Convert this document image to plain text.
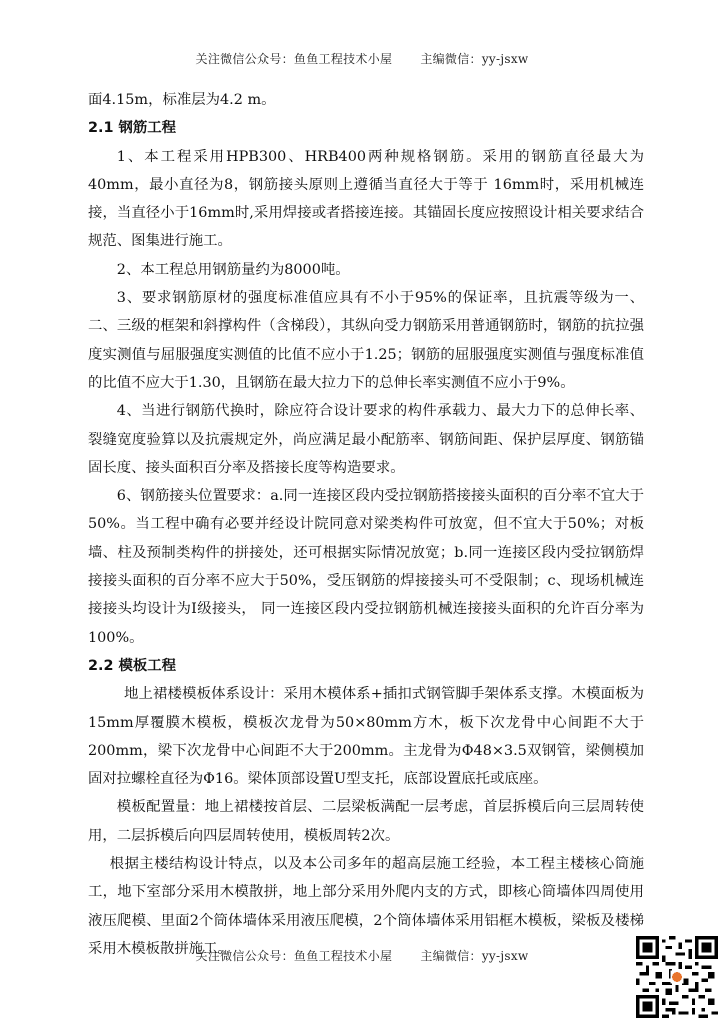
关注微信公众号：鱼鱼工程技术小屋 主编微信：yy-jsxw

面4.15m，标准层为4.2 m。

2.1 钢筋工程

1、本工程采用HPB300、HRB400两种规格钢筋。采用的钢筋直径最大为40mm，最小直径为8，钢筋接头原则上遵循当直径大于等于 16mm时，采用机械连接，当直径小于16mm时,采用焊接或者搭接连接。其锚固长度应按照设计相关要求结合规范、图集进行施工。

2、本工程总用钢筋量约为8000吨。

3、要求钢筋原材的强度标准值应具有不小于95%的保证率，且抗震等级为一、二、三级的框架和斜撑构件（含梯段），其纵向受力钢筋采用普通钢筋时，钢筋的抗拉强度实测值与屈服强度实测值的比值不应小于1.25；钢筋的屈服强度实测值与强度标准值的比值不应大于1.30，且钢筋在最大拉力下的总伸长率实测值不应小于9%。

4、当进行钢筋代换时，除应符合设计要求的构件承载力、最大力下的总伸长率、裂缝宽度验算以及抗震规定外，尚应满足最小配筋率、钢筋间距、保护层厚度、钢筋锚固长度、接头面积百分率及搭接长度等构造要求。

6、钢筋接头位置要求：a.同一连接区段内受拉钢筋搭接接头面积的百分率不宜大于50%。当工程中确有必要并经设计院同意对梁类构件可放宽，但不宜大于50%；对板墙、柱及预制类构件的拼接处，还可根据实际情况放宽；b.同一连接区段内受拉钢筋焊接接头面积的百分率不应大于50%，受压钢筋的焊接接头可不受限制；c、现场机械连接接头均设计为Ⅰ级接头， 同一连接区段内受拉钢筋机械连接接头面积的允许百分率为100%。

2.2 模板工程

地上裙楼模板体系设计：采用木模体系+插扣式钢管脚手架体系支撑。木模面板为15mm厚覆膜木模板，模板次龙骨为50×80mm方木，板下次龙骨中心间距不大于200mm，梁下次龙骨中心间距不大于200mm。主龙骨为Φ48×3.5双钢管，梁侧模加固对拉螺栓直径为Φ16。梁体顶部设置U型支托，底部设置底托或底座。

模板配置量：地上裙楼按首层、二层梁板满配一层考虑，首层拆模后向三层周转使用，二层拆模后向四层周转使用，模板周转2次。

根据主楼结构设计特点，以及本公司多年的超高层施工经验，本工程主楼核心筒施工，地下室部分采用木模散拼，地上部分采用外爬内支的方式，即核心筒墙体四周使用液压爬模、里面2个筒体墙体采用液压爬模，2个筒体墙体采用铝框木模板，梁板及楼梯采用木模板散拼施工。

关注微信公众号：鱼鱼工程技术小屋 主编微信：yy-jsxw
